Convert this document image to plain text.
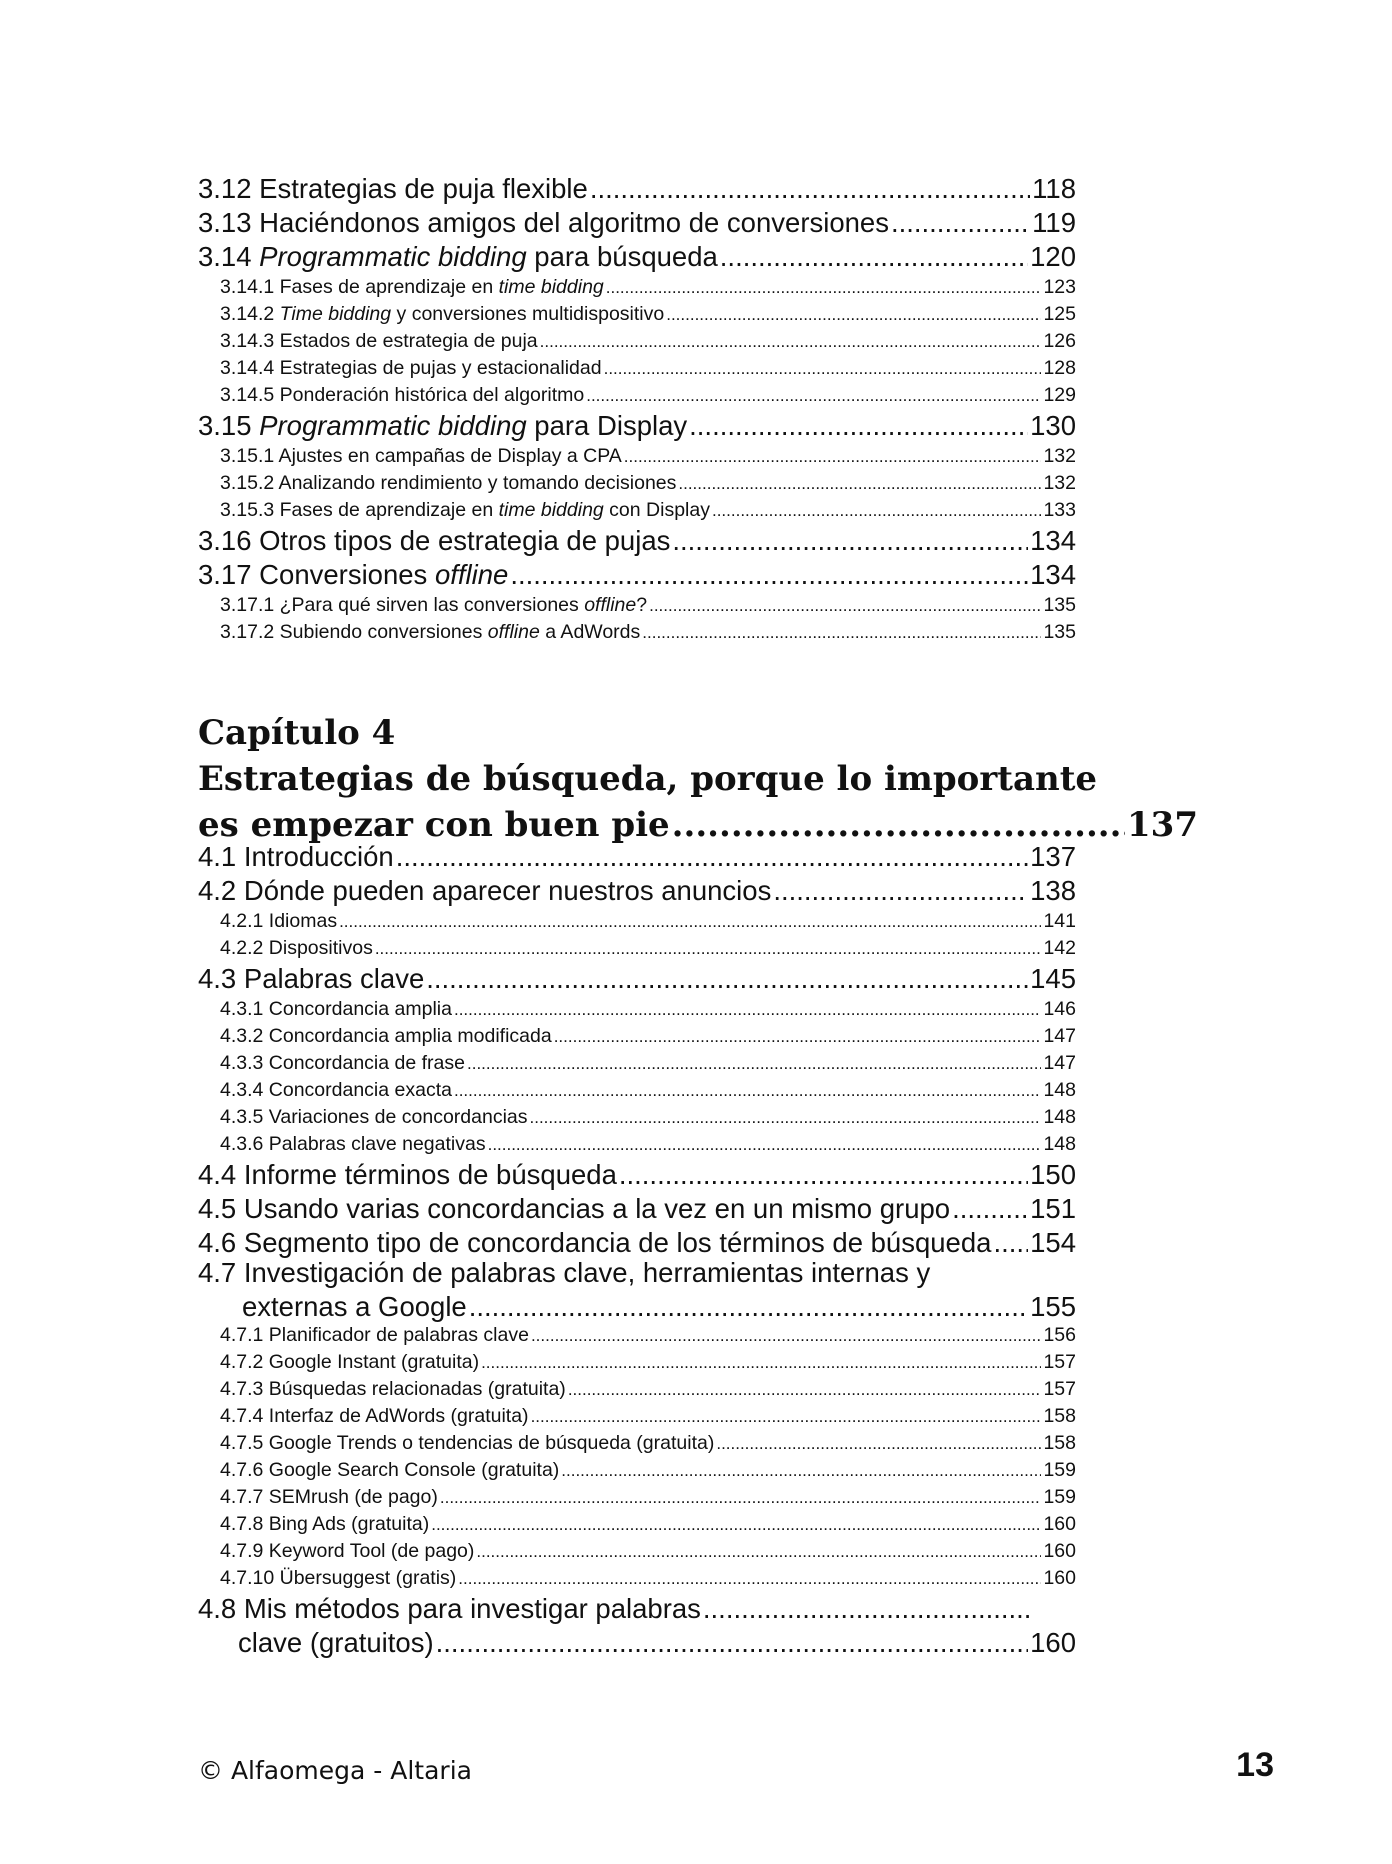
3.12 Estrategias de puja flexible .....	118
3.13 Haciéndonos amigos del algoritmo de conversiones .....	119
3.14 Programmatic bidding para búsqueda .....	120
3.14.1 Fases de aprendizaje en time bidding .....	123
3.14.2 Time bidding y conversiones multidispositivo .....	125
3.14.3 Estados de estrategia de puja .....	126
3.14.4 Estrategias de pujas y estacionalidad .....	128
3.14.5 Ponderación histórica del algoritmo .....	129
3.15 Programmatic bidding para Display .....	130
3.15.1 Ajustes en campañas de Display a CPA .....	132
3.15.2 Analizando rendimiento y tomando decisiones .....	132
3.15.3 Fases de aprendizaje en time bidding con Display .....	133
3.16 Otros tipos de estrategia de pujas .....	134
3.17 Conversiones offline .....	134
3.17.1 ¿Para qué sirven las conversiones offline? .....	135
3.17.2 Subiendo conversiones offline a AdWords .....	135
Capítulo 4
Estrategias de búsqueda, porque lo importante
es empezar con buen pie .....	137
4.1 Introducción .....	137
4.2 Dónde pueden aparecer nuestros anuncios .....	138
4.2.1 Idiomas .....	141
4.2.2 Dispositivos .....	142
4.3 Palabras clave .....	145
4.3.1 Concordancia amplia .....	146
4.3.2 Concordancia amplia modificada .....	147
4.3.3 Concordancia de frase .....	147
4.3.4 Concordancia exacta .....	148
4.3.5 Variaciones de concordancias .....	148
4.3.6 Palabras clave negativas .....	148
4.4 Informe términos de búsqueda .....	150
4.5 Usando varias concordancias a la vez en un mismo grupo .....	151
4.6 Segmento tipo de concordancia de los términos de búsqueda ..... 154
4.7 Investigación de palabras clave, herramientas internas y
externas a Google .....	155
4.7.1 Planificador de palabras clave .....	156
4.7.2 Google Instant (gratuita) .....	157
4.7.3 Búsquedas relacionadas (gratuita) .....	157
4.7.4 Interfaz de AdWords (gratuita) .....	158
4.7.5 Google Trends o tendencias de búsqueda (gratuita) .....	158
4.7.6 Google Search Console (gratuita) .....	159
4.7.7 SEMrush (de pago) .....	159
4.7.8 Bing Ads (gratuita) .....	160
4.7.9 Keyword Tool (de pago) .....	160
4.7.10 Übersuggest (gratis) .....	160
4.8 Mis métodos para investigar palabras
.....
clave (gratuitos) .....	160
© Alfaomega - Altaria	13
